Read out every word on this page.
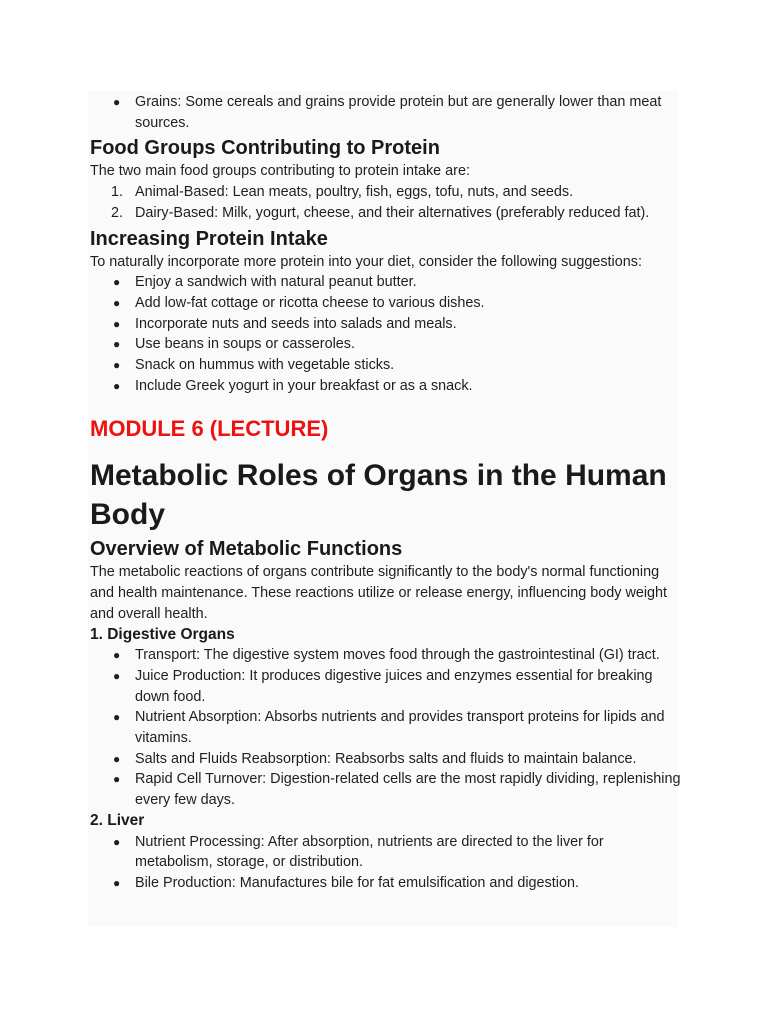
● Grains: Some cereals and grains provide protein but are generally lower than meat sources.
Food Groups Contributing to Protein

The two main food groups contributing to protein intake are:

1. Animal-Based: Lean meats, poultry, fish, eggs, tofu, nuts, and seeds.
2. Dairy-Based: Milk, yogurt, cheese, and their alternatives (preferably reduced fat).
Increasing Protein Intake

To naturally incorporate more protein into your diet, consider the following suggestions:

● Enjoy a sandwich with natural peanut butter.
● Add low-fat cottage or ricotta cheese to various dishes.
● Incorporate nuts and seeds into salads and meals.
● Use beans in soups or casseroles.
● Snack on hummus with vegetable sticks.
● Include Greek yogurt in your breakfast or as a snack.
MODULE 6 (LECTURE)
Metabolic Roles of Organs in the Human Body
Overview of Metabolic Functions

The metabolic reactions of organs contribute significantly to the body's normal functioning and health maintenance. These reactions utilize or release energy, influencing body weight and overall health.

1. Digestive Organs
● Transport: The digestive system moves food through the gastrointestinal (GI) tract.
● Juice Production: It produces digestive juices and enzymes essential for breaking down food.
● Nutrient Absorption: Absorbs nutrients and provides transport proteins for lipids and vitamins.
● Salts and Fluids Reabsorption: Reabsorbs salts and fluids to maintain balance.
● Rapid Cell Turnover: Digestion-related cells are the most rapidly dividing, replenishing every few days.
2. Liver
● Nutrient Processing: After absorption, nutrients are directed to the liver for metabolism, storage, or distribution.
● Bile Production: Manufactures bile for fat emulsification and digestion.
